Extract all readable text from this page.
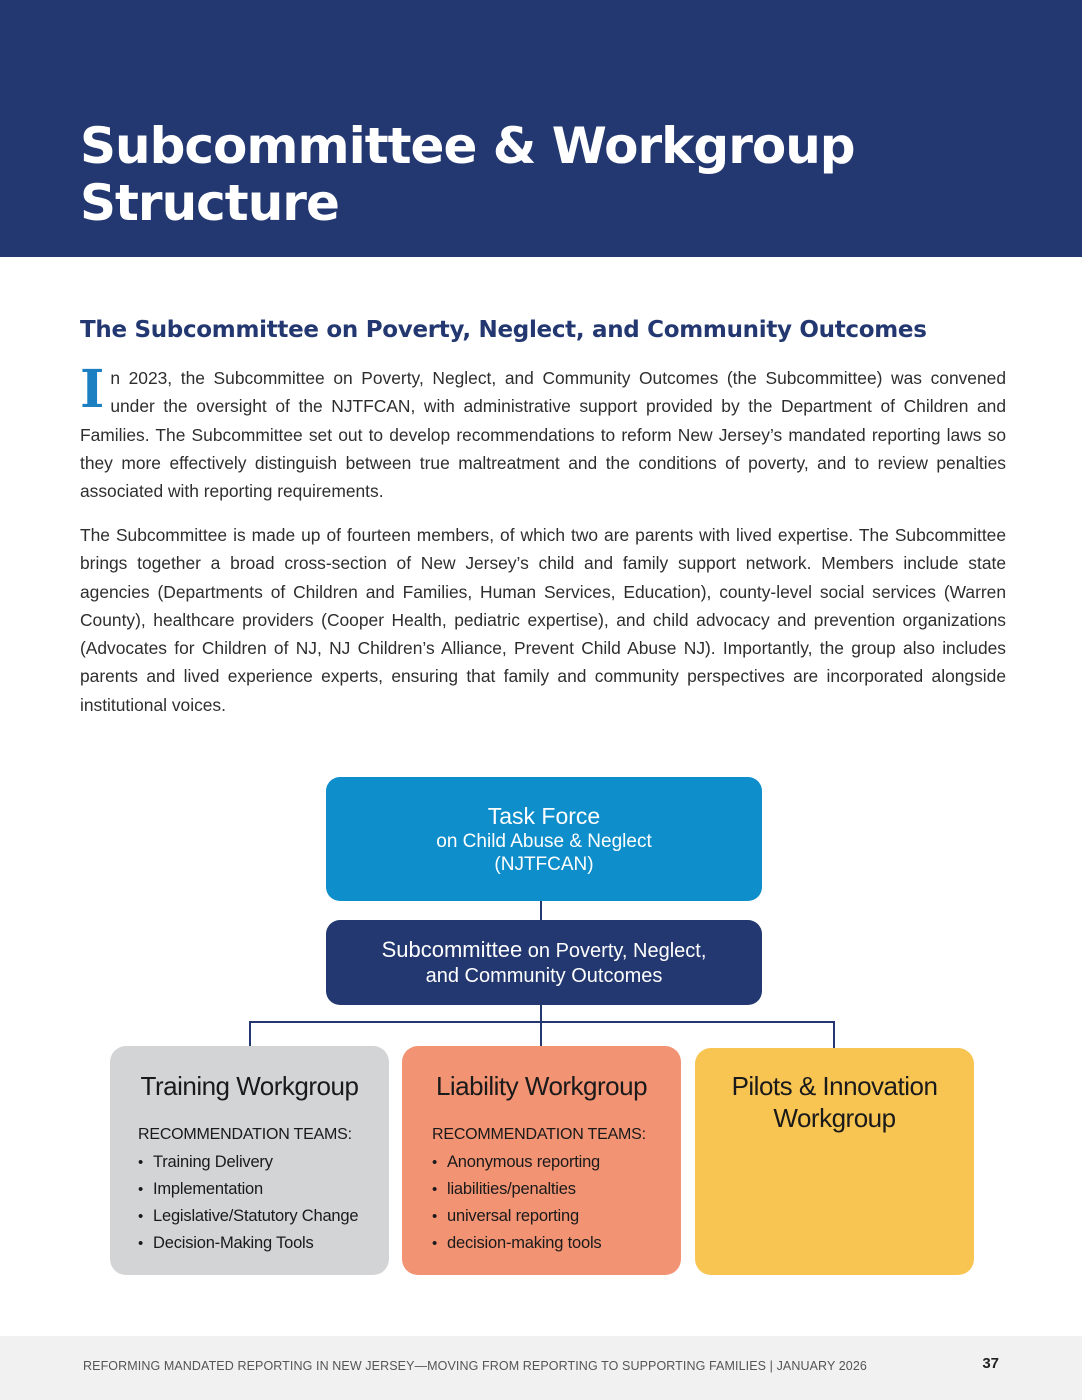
Subcommittee & Workgroup
Structure
The Subcommittee on Poverty, Neglect, and Community Outcomes

In 2023, the Subcommittee on Poverty, Neglect, and Community Outcomes (the Subcommittee) was convened under the oversight of the NJTFCAN, with administrative support provided by the Department of Children and Families. The Subcommittee set out to develop recommendations to reform New Jersey’s mandated reporting laws so they more effectively distinguish between true maltreatment and the conditions of poverty, and to review penalties associated with reporting requirements.

The Subcommittee is made up of fourteen members, of which two are parents with lived expertise. The Subcommittee brings together a broad cross-section of New Jersey’s child and family support network. Members include state agencies (Departments of Children and Families, Human Services, Education), county-level social services (Warren County), healthcare providers (Cooper Health, pediatric expertise), and child advocacy and prevention organizations (Advocates for Children of NJ, NJ Children’s Alliance, Prevent Child Abuse NJ). Importantly, the group also includes parents and lived experience experts, ensuring that family and community perspectives are incorporated alongside institutional voices.

Task Force
on Child Abuse & Neglect
(NJTFCAN)
Subcommittee on Poverty, Neglect,
and Community Outcomes
Training Workgroup
RECOMMENDATION TEAMS:
• Training Delivery
• Implementation
• Legislative/Statutory Change
• Decision-Making Tools
Liability Workgroup
RECOMMENDATION TEAMS:
• Anonymous reporting
• liabilities/penalties
• universal reporting
• decision-making tools
Pilots & Innovation
Workgroup
REFORMING MANDATED REPORTING IN NEW JERSEY—MOVING FROM REPORTING TO SUPPORTING FAMILIES | JANUARY 2026	37
